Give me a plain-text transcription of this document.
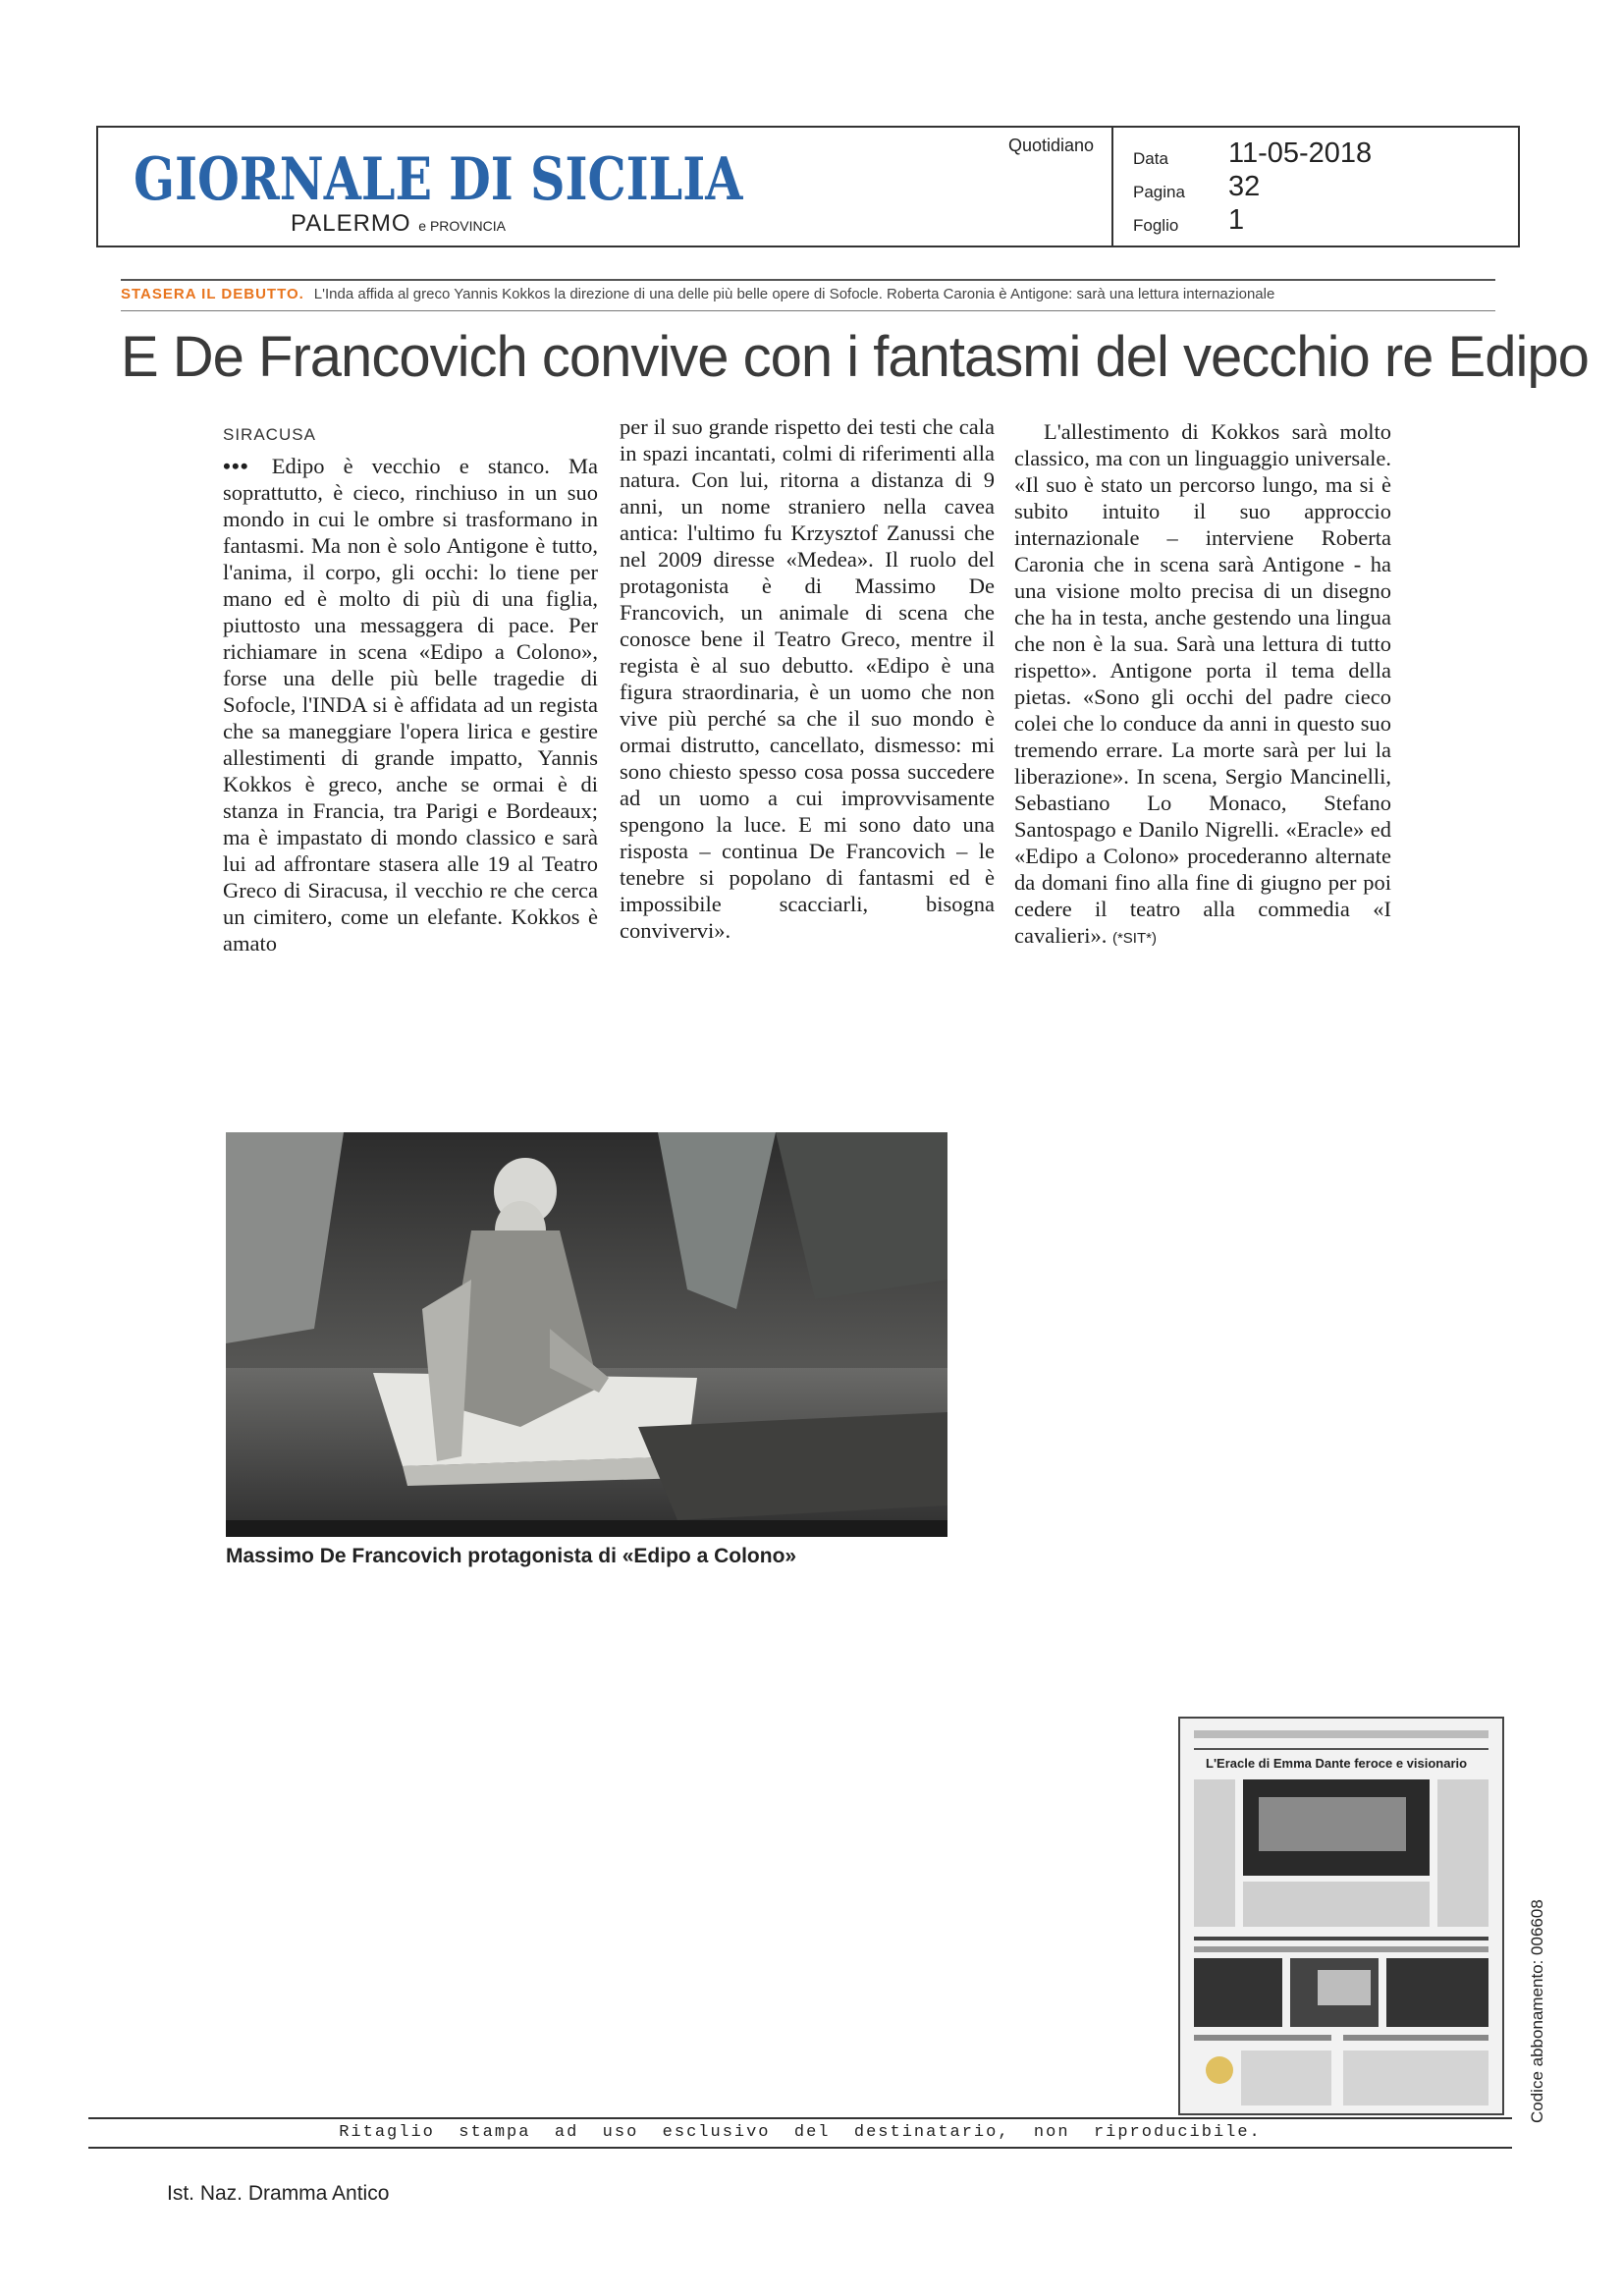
GIORNALE DI SICILIA
PALERMO e PROVINCIA
Quotidiano
Data 11-05-2018
Pagina 32
Foglio 1
STASERA IL DEBUTTO. L'Inda affida al greco Yannis Kokkos la direzione di una delle più belle opere di Sofocle. Roberta Caronia è Antigone: sarà una lettura internazionale
E De Francovich convive con i fantasmi del vecchio re Edipo
SIRACUSA

••• Edipo è vecchio e stanco. Ma soprattutto, è cieco, rinchiuso in un suo mondo in cui le ombre si trasformano in fantasmi. Ma non è solo Antigone è tutto, l'anima, il corpo, gli occhi: lo tiene per mano ed è molto di più di una figlia, piuttosto una messaggera di pace. Per richiamare in scena «Edipo a Colono», forse una delle più belle tragedie di Sofocle, l'INDA si è affidata ad un regista che sa maneggiare l'opera lirica e gestire allestimenti di grande impatto, Yannis Kokkos è greco, anche se ormai è di stanza in Francia, tra Parigi e Bordeaux; ma è impastato di mondo classico e sarà lui ad affrontare stasera alle 19 al Teatro Greco di Siracusa, il vecchio re che cerca un cimitero, come un elefante. Kokkos è amato

per il suo grande rispetto dei testi che cala in spazi incantati, colmi di riferimenti alla natura. Con lui, ritorna a distanza di 9 anni, un nome straniero nella cavea antica: l'ultimo fu Krzysztof Zanussi che nel 2009 diresse «Medea». Il ruolo del protagonista è di Massimo De Francovich, un animale di scena che conosce bene il Teatro Greco, mentre il regista è al suo debutto. «Edipo è una figura straordinaria, è un uomo che non vive più perché sa che il suo mondo è ormai distrutto, cancellato, dismesso: mi sono chiesto spesso cosa possa succedere ad un uomo a cui improvvisamente spengono la luce. E mi sono dato una risposta – continua De Francovich – le tenebre si popolano di fantasmi ed è impossibile scacciarli, bisogna convivervi».
L'allestimento di Kokkos sarà molto classico, ma con un linguaggio universale. «Il suo è stato un percorso lungo, ma si è subito intuito il suo approccio internazionale – interviene Roberta Caronia che in scena sarà Antigone - ha una visione molto precisa di un disegno che ha in testa, anche gestendo una lingua che non è la sua. Sarà una lettura di tutto rispetto». Antigone porta il tema della pietas. «Sono gli occhi del padre cieco colei che lo conduce da anni in questo suo tremendo errare. La morte sarà per lui la liberazione». In scena, Sergio Mancinelli, Sebastiano Lo Monaco, Stefano Santospago e Danilo Nigrelli. «Eracle» ed «Edipo a Colono» procederanno alternate da domani fino alla fine di giugno per poi cedere il teatro alla commedia «I cavalieri». (*SIT*)
Massimo De Francovich protagonista di «Edipo a Colono»
L'Eracle di Emma Dante feroce e visionario
Codice abbonamento: 006608
Ritaglio  stampa  ad  uso  esclusivo  del  destinatario,  non  riproducibile.
Ist. Naz. Dramma Antico
